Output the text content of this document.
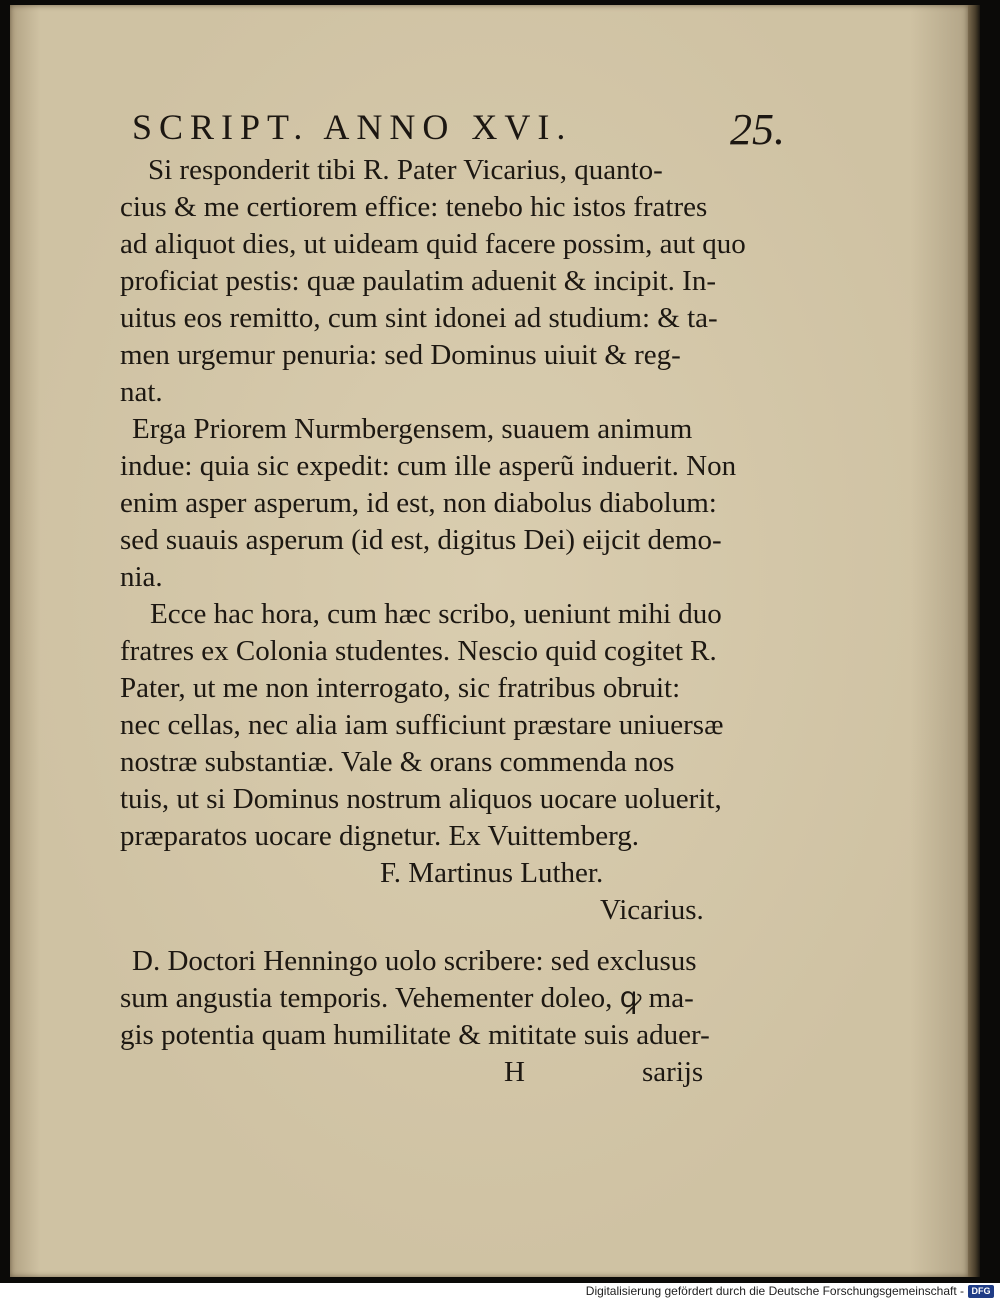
SCRIPT. ANNO XVI.	25.
Si responderit tibi R. Pater Vicarius, quanto-
cius & me certiorem effice: tenebo hic istos fratres
ad aliquot dies, ut uideam quid facere possim, aut quo
proficiat pestis: quæ paulatim aduenit & incipit. In-
uitus eos remitto, cum sint idonei ad studium: & ta-
men urgemur penuria: sed Dominus uiuit & reg-
nat.
Erga Priorem Nurmbergensem, suauem animum
indue: quia sic expedit: cum ille asperũ induerit. Non
enim asper asperum, id est, non diabolus diabolum:
sed suauis asperum (id est, digitus Dei) eijcit demo-
nia.
Ecce hac hora, cum hæc scribo, ueniunt mihi duo
fratres ex Colonia studentes. Nescio quid cogitet R.
Pater, ut me non interrogato, sic fratribus obruit:
nec cellas, nec alia iam sufficiunt præstare uniuersæ
nostræ substantiæ. Vale & orans commenda nos
tuis, ut si Dominus nostrum aliquos uocare uoluerit,
præparatos uocare dignetur. Ex Vuittemberg.
F. Martinus Luther.
Vicarius.
D. Doctori Henningo uolo scribere: sed exclusus
sum angustia temporis. Vehementer doleo, ꝙ ma-
gis potentia quam humilitate & mititate suis aduer-
H	sarijs
Digitalisierung gefördert durch die Deutsche Forschungsgemeinschaft - DFG
